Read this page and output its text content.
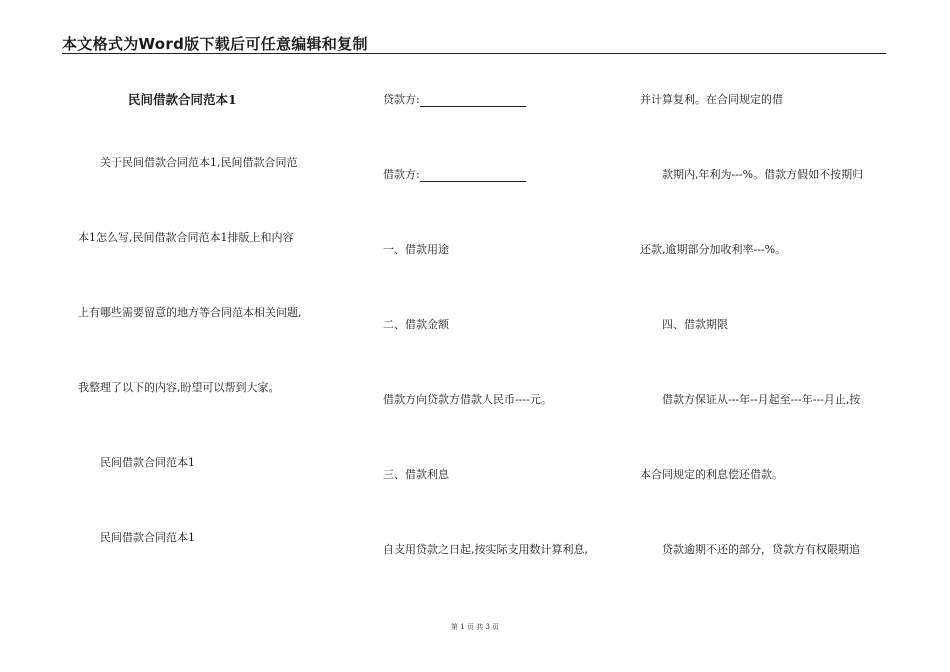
本文格式为Word版下载后可任意编辑和复制
民间借款合同范本1
关于民间借款合同范本1,民间借款合同范
本1怎么写,民间借款合同范本1排版上和内容
上有哪些需要留意的地方等合同范本相关问题,
我整理了以下的内容,盼望可以帮到大家。
民间借款合同范本1
民间借款合同范本1
贷款方:
借款方:
一、借款用途
二、借款金额
借款方向贷款方借款人民币----元。
三、借款利息
自支用贷款之日起,按实际支用数计算利息,
并计算复利。在合同规定的借
款期内,年利为---%。借款方假如不按期归
还款,逾期部分加收利率---%。
四、借款期限
借款方保证从---年--月起至---年---月止,按
本合同规定的利息偿还借款。
贷款逾期不还的部分，贷款方有权限期追
第 1 页 共 3 页
